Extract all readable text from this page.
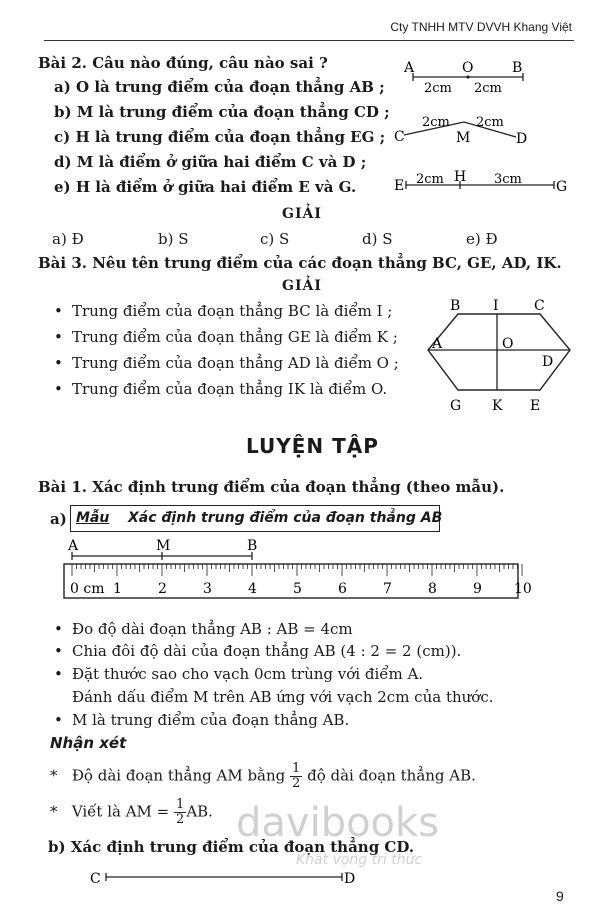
Cty TNHH MTV DVVH Khang Việt
Bài 2. Câu nào đúng, câu nào sai ?
a) O là trung điểm của đoạn thẳng AB ;
b) M là trung điểm của đoạn thẳng CD ;
c) H là trung điểm của đoạn thẳng EG ;
d) M là điểm ở giữa hai điểm C và D ;
e) H là điểm ở giữa hai điểm E và G.
A	O	B
2cm 2cm
C	M	D
2cm 2cm
E
H
G
2cm	3cm
GIẢI
a) Đ	b) S	c) S	d) S	e) Đ
Bài 3. Nêu tên trung điểm của các đoạn thẳng BC, GE, AD, IK.
GIẢI
• Trung điểm của đoạn thẳng BC là điểm I ;
• Trung điểm của đoạn thẳng GE là điểm K ;
• Trung điểm của đoạn thẳng AD là điểm O ;
• Trung điểm của đoạn thẳng IK là điểm O.
B I	C
A	O
D
G K E
LUYỆN TẬP
Bài 1. Xác định trung điểm của đoạn thẳng (theo mẫu).
a) Mẫu Xác định trung điểm của đoạn thẳng AB
1	2	3	4	5	6	7	8	9 10
A	M	B
0 cm
• Đo độ dài đoạn thẳng AB : AB = 4cm
• Chia đôi độ dài của đoạn thẳng AB (4 : 2 = 2 (cm)).
• Đặt thước sao cho vạch 0cm trùng với điểm A.
Đánh dấu điểm M trên AB ứng với vạch 2cm của thước.
• M là trung điểm của đoạn thẳng AB.
Nhận xét
* Độ dài đoạn thẳng AM bằng $\frac{1}{2}$ độ dài đoạn thẳng AB.
* Viết là AM = $\frac{1}{2}$ AB.
b) Xác định trung điểm của đoạn thẳng CD.
C	D
davibooks
Khát vọng tri thức
9
